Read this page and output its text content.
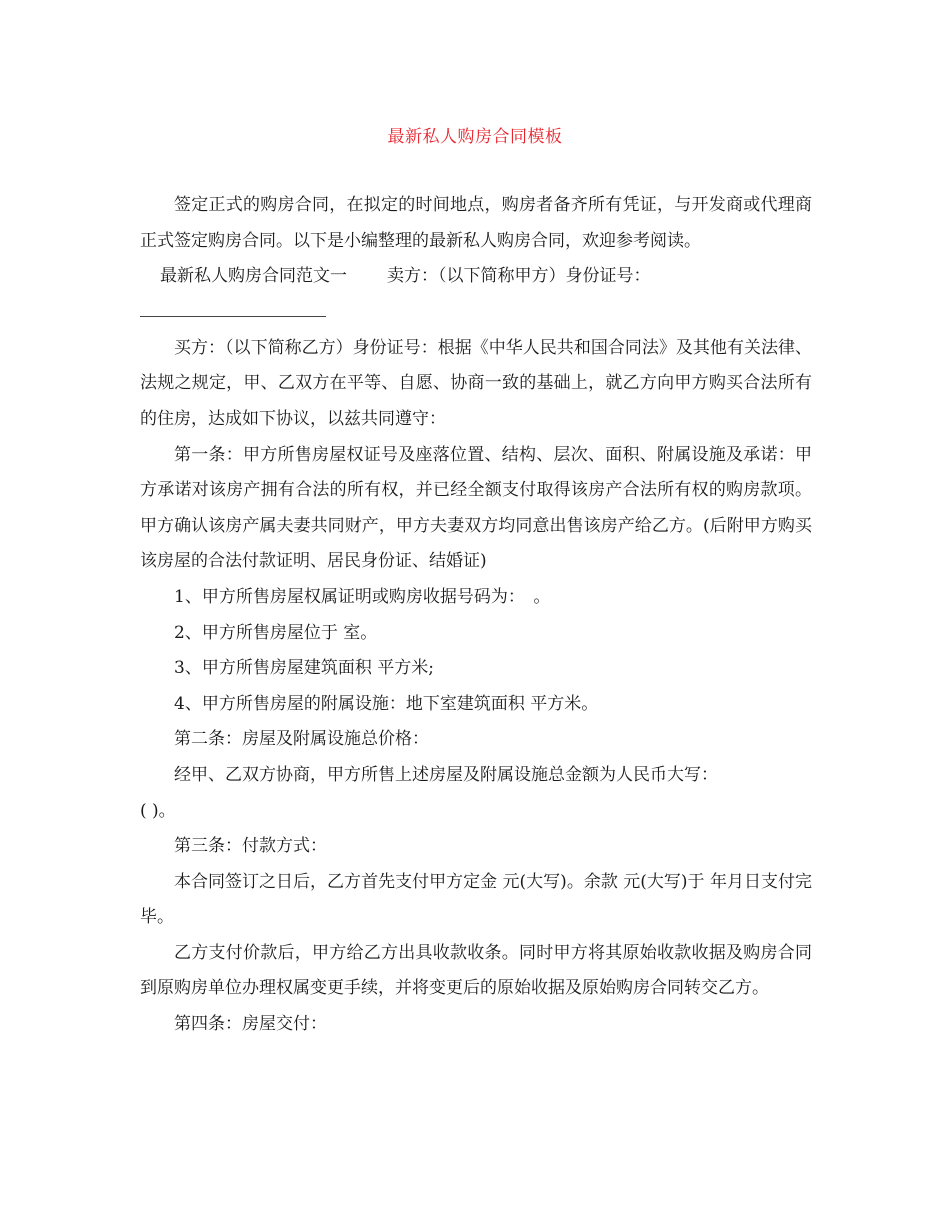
最新私人购房合同模板

签定正式的购房合同，在拟定的时间地点，购房者备齐所有凭证，与开发商或代理商正式签定购房合同。以下是小编整理的最新私人购房合同，欢迎参考阅读。

最新私人购房合同范文一 卖方：（以下简称甲方）身份证号：

买方：（以下简称乙方）身份证号：根据《中华人民共和国合同法》及其他有关法律、法规之规定，甲、乙双方在平等、自愿、协商一致的基础上，就乙方向甲方购买合法所有的住房，达成如下协议，以兹共同遵守：

第一条：甲方所售房屋权证号及座落位置、结构、层次、面积、附属设施及承诺：甲方承诺对该房产拥有合法的所有权，并已经全额支付取得该房产合法所有权的购房款项。甲方确认该房产属夫妻共同财产，甲方夫妻双方均同意出售该房产给乙方。(后附甲方购买该房屋的合法付款证明、居民身份证、结婚证)

1、甲方所售房屋权属证明或购房收据号码为：　。

2、甲方所售房屋位于 室。

3、甲方所售房屋建筑面积 平方米;

4、甲方所售房屋的附属设施：地下室建筑面积 平方米。

第二条：房屋及附属设施总价格：

经甲、乙双方协商，甲方所售上述房屋及附属设施总金额为人民币大写：

( )。

第三条：付款方式：

本合同签订之日后，乙方首先支付甲方定金 元(大写)。余款 元(大写)于 年月日支付完毕。

乙方支付价款后，甲方给乙方出具收款收条。同时甲方将其原始收款收据及购房合同到原购房单位办理权属变更手续，并将变更后的原始收据及原始购房合同转交乙方。

第四条：房屋交付：
